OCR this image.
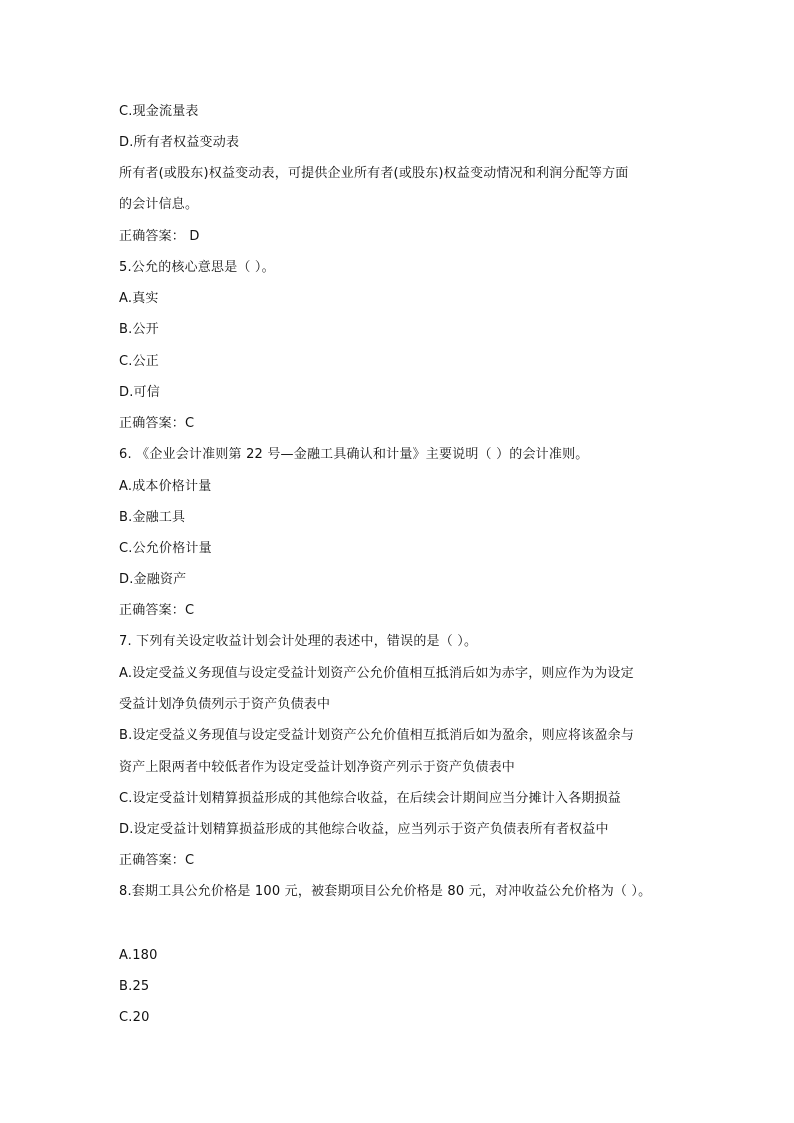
C.现金流量表
D.所有者权益变动表
所有者(或股东)权益变动表，可提供企业所有者(或股东)权益变动情况和利润分配等方面
的会计信息。
正确答案： D
5.公允的核心意思是（ ）。
A.真实
B.公开
C.公正
D.可信
正确答案：C
6. 《企业会计准则第 22 号—金融工具确认和计量》主要说明（ ）的会计准则。
A.成本价格计量
B.金融工具
C.公允价格计量
D.金融资产
正确答案：C
7. 下列有关设定收益计划会计处理的表述中，错误的是（ ）。
A.设定受益义务现值与设定受益计划资产公允价值相互抵消后如为赤字，则应作为为设定
受益计划净负债列示于资产负债表中
B.设定受益义务现值与设定受益计划资产公允价值相互抵消后如为盈余，则应将该盈余与
资产上限两者中较低者作为设定受益计划净资产列示于资产负债表中
C.设定受益计划精算损益形成的其他综合收益，在后续会计期间应当分摊计入各期损益
D.设定受益计划精算损益形成的其他综合收益，应当列示于资产负债表所有者权益中
正确答案：C
8.套期工具公允价格是 100 元，被套期项目公允价格是 80 元，对冲收益公允价格为（ ）。
A.180
B.25
C.20
